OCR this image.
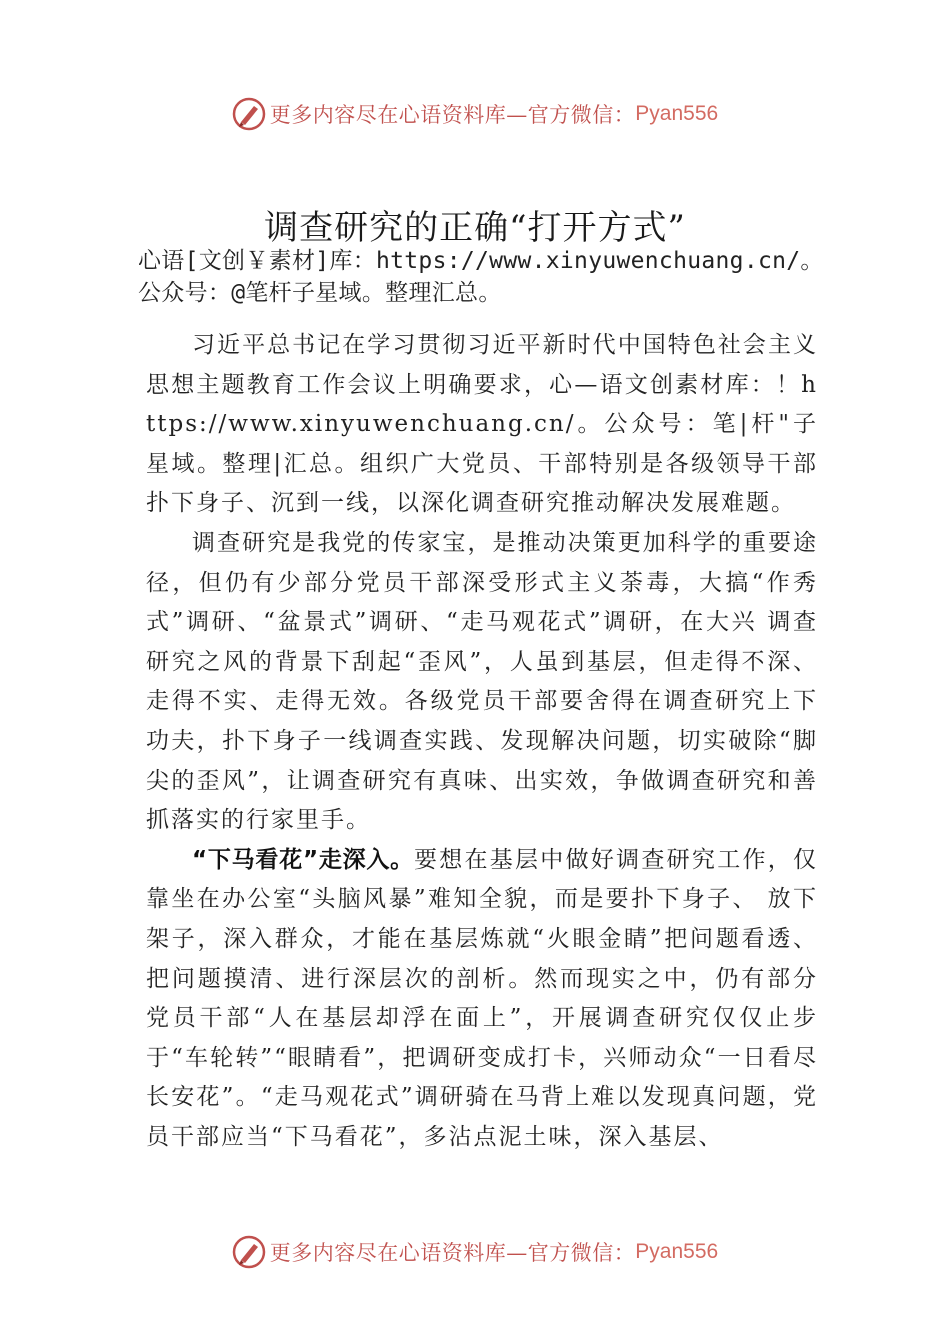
更多内容尽在心语资料库—官方微信： Pyan556
调查研究的正确“打开方式”
心语[文创￥素材]库：https://www.xinyuwenchuang.cn/。公众号：@笔杆子星域。整理汇总。

习近平总书记在学习贯彻习近平新时代中国特色社会主义思想主题教育工作会议上明确要求，心—语文创素材库：！https://www.xinyuwenchuang.cn/。公众号：笔|杆"子星域。整理|汇总。组织广大党员、干部特别是各级领导干部扑下身子、沉到一线，以深化调查研究推动解决发展难题。

调查研究是我党的传家宝，是推动决策更加科学的重要途径，但仍有少部分党员干部深受形式主义荼毒，大搞“作秀式”调研、“盆景式”调研、“走马观花式”调研，在大兴 调查研究之风的背景下刮起“歪风”，人虽到基层，但走得不深、走得不实、走得无效。各级党员干部要舍得在调查研究上下功夫，扑下身子一线调查实践、发现解决问题，切实破除“脚尖的歪风”，让调查研究有真味、出实效，争做调查研究和善抓落实的行家里手。

“下马看花”走深入。要想在基层中做好调查研究工作，仅靠坐在办公室“头脑风暴”难知全貌，而是要扑下身子、 放下架子，深入群众，才能在基层炼就“火眼金睛”把问题看透、把问题摸清、进行深层次的剖析。然而现实之中，仍有部分党员干部“人在基层却浮在面上”，开展调查研究仅仅止步于“车轮转”“眼睛看”，把调研变成打卡，兴师动众“一日看尽长安花”。“走马观花式”调研骑在马背上难以发现真问题，党员干部应当“下马看花”，多沾点泥土味，深入基层、

更多内容尽在心语资料库—官方微信： Pyan556
